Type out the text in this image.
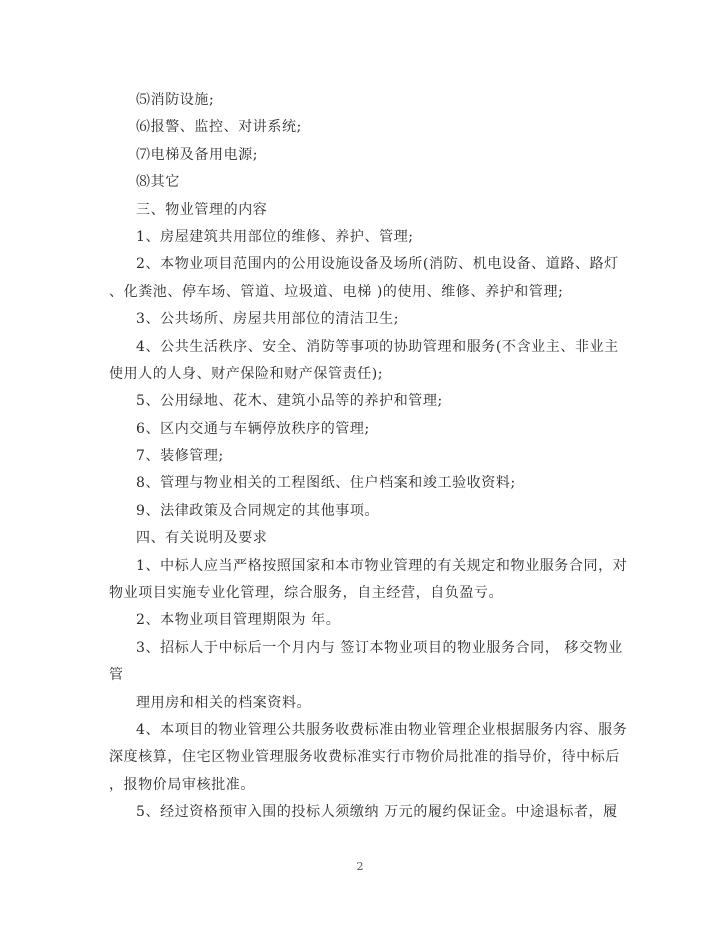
⑸消防设施;
⑹报警、监控、对讲系统;
⑺电梯及备用电源;
⑻其它
三、物业管理的内容
1、房屋建筑共用部位的维修、养护、管理;
2、本物业项目范围内的公用设施设备及场所(消防、机电设备、道路、路灯
、化粪池、停车场、管道、垃圾道、电梯 )的使用、维修、养护和管理;
3、公共场所、房屋共用部位的清洁卫生;
4、公共生活秩序、安全、消防等事项的协助管理和服务(不含业主、非业主
使用人的人身、财产保险和财产保管责任);
5、公用绿地、花木、建筑小品等的养护和管理;
6、区内交通与车辆停放秩序的管理;
7、装修管理;
8、管理与物业相关的工程图纸、住户档案和竣工验收资料;
9、法律政策及合同规定的其他事项。
四、有关说明及要求
1、中标人应当严格按照国家和本市物业管理的有关规定和物业服务合同，对
物业项目实施专业化管理，综合服务，自主经营，自负盈亏。
2、本物业项目管理期限为 年。
3、招标人于中标后一个月内与 签订本物业项目的物业服务合同， 移交物业
管
理用房和相关的档案资料。
4、本项目的物业管理公共服务收费标准由物业管理企业根据服务内容、服务
深度核算，住宅区物业管理服务收费标准实行市物价局批准的指导价，待中标后
，报物价局审核批准。
5、经过资格预审入围的投标人须缴纳 万元的履约保证金。中途退标者，履
2
